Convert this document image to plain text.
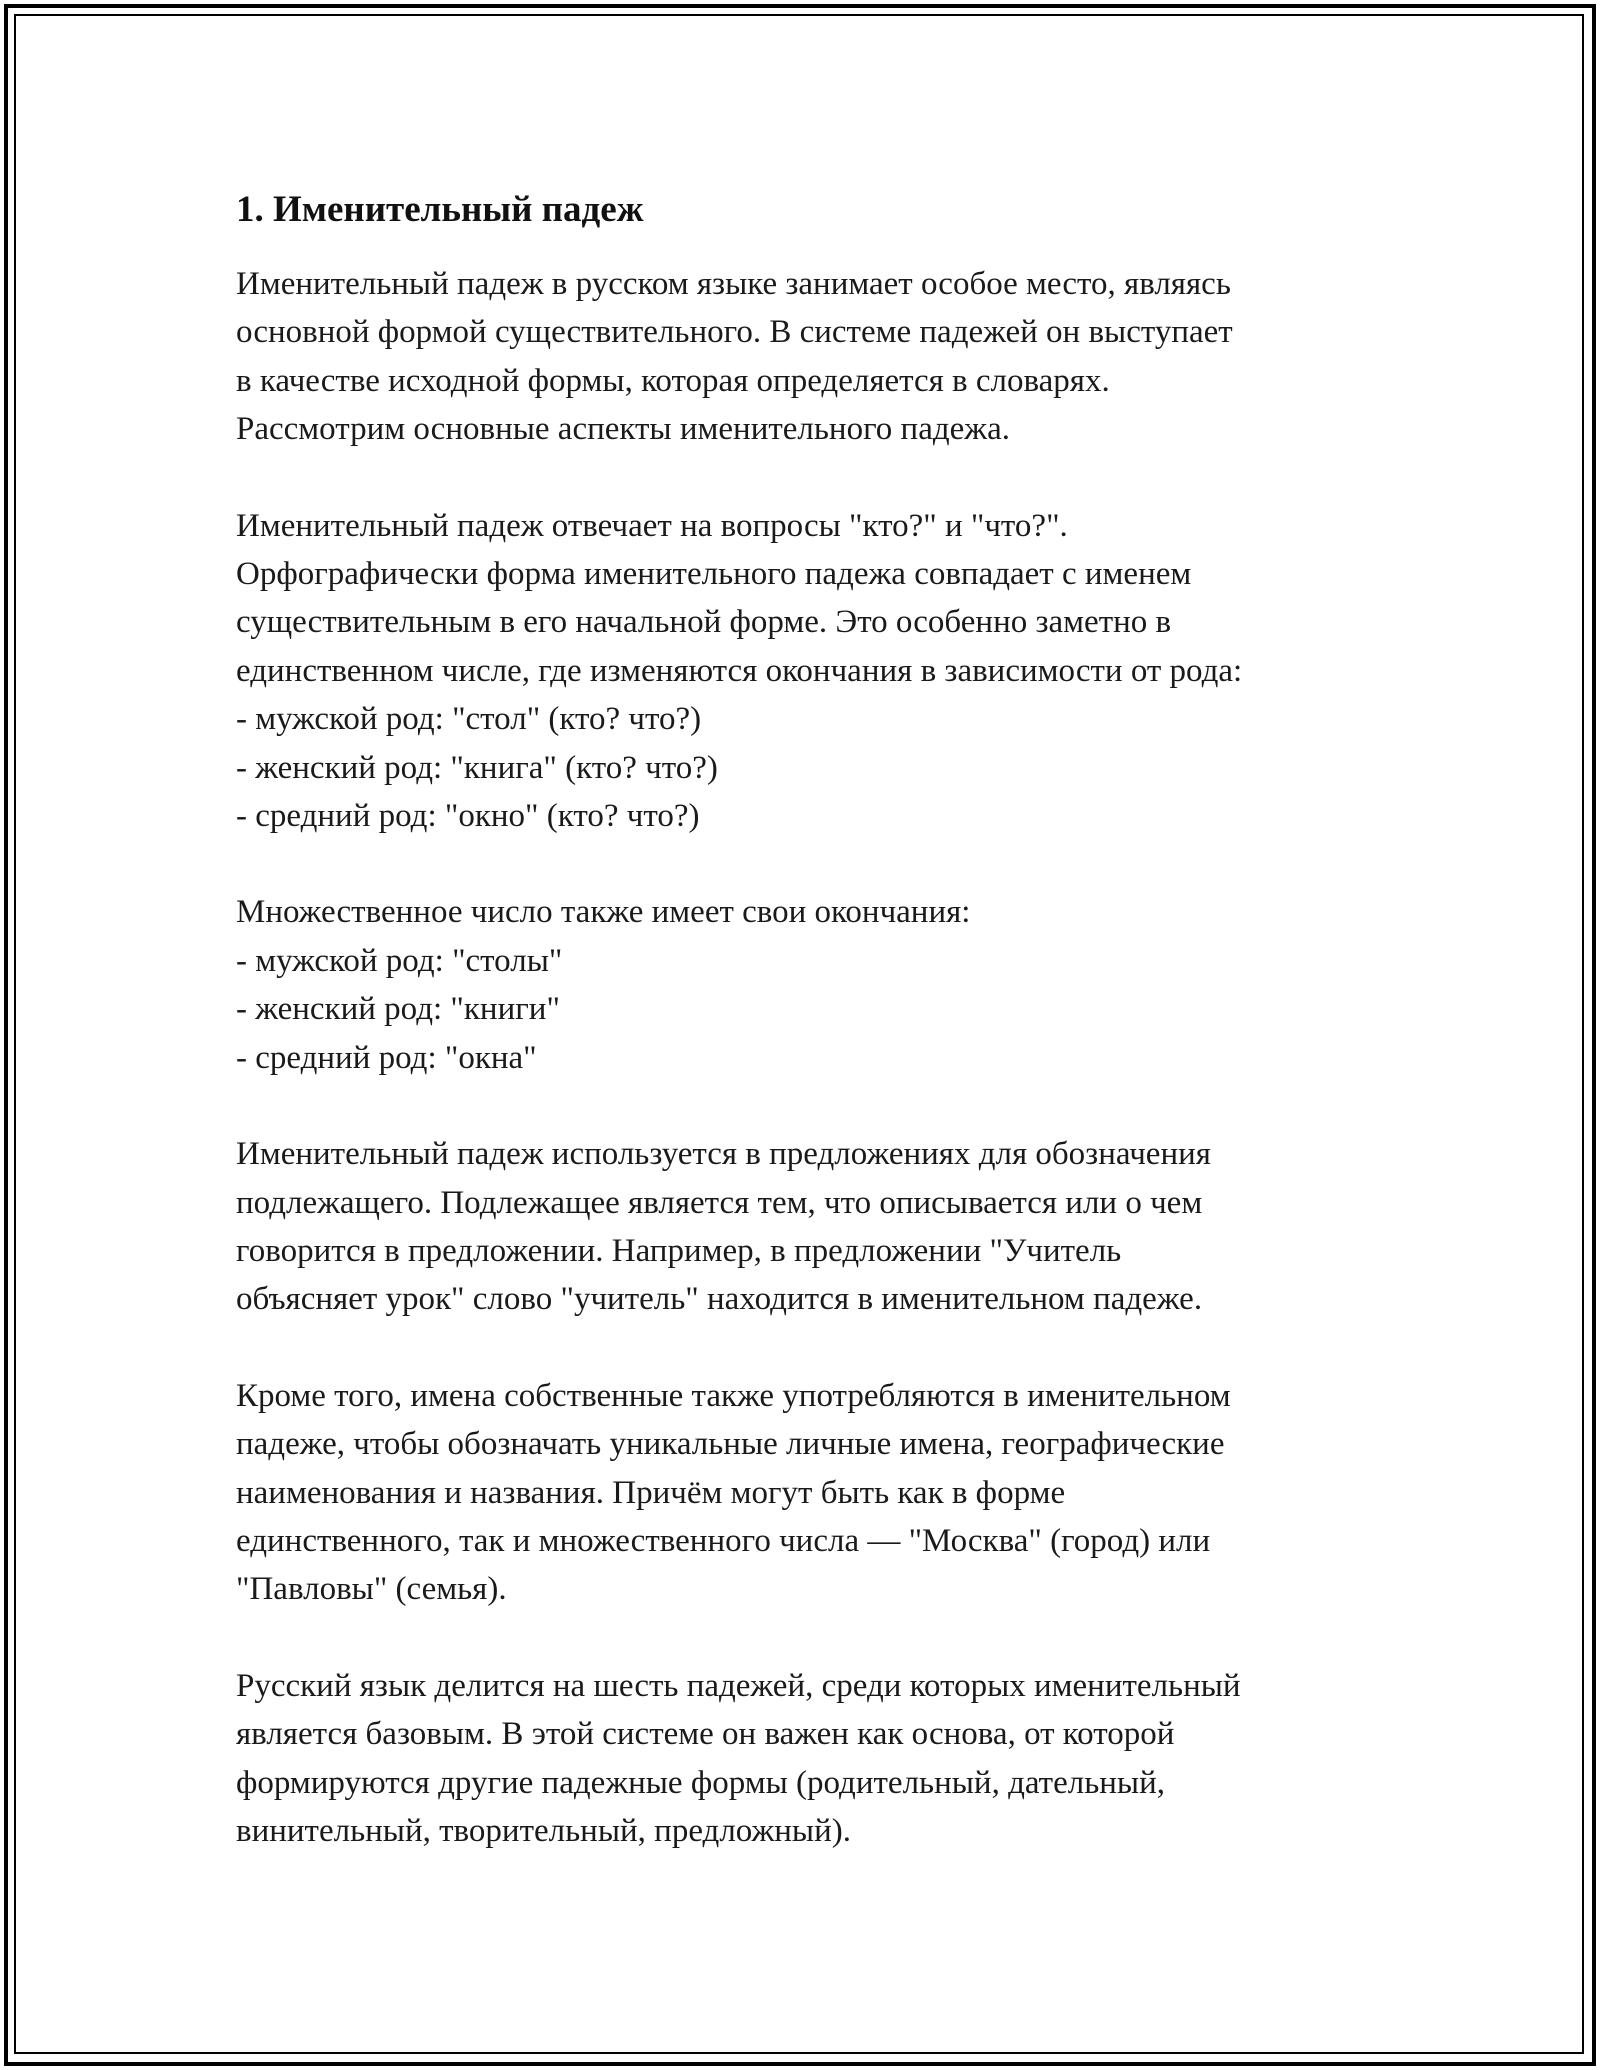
1. Именительный падеж
Именительный падеж в русском языке занимает особое место, являясь
основной формой существительного. В системе падежей он выступает
в качестве исходной формы, которая определяется в словарях.
Рассмотрим основные аспекты именительного падежа.
Именительный падеж отвечает на вопросы "кто?" и "что?".
Орфографически форма именительного падежа совпадает с именем
существительным в его начальной форме. Это особенно заметно в
единственном числе, где изменяются окончания в зависимости от рода:
- мужской род: "стол" (кто? что?)
- женский род: "книга" (кто? что?)
- средний род: "окно" (кто? что?)
Множественное число также имеет свои окончания:
- мужской род: "столы"
- женский род: "книги"
- средний род: "окна"
Именительный падеж используется в предложениях для обозначения
подлежащего. Подлежащее является тем, что описывается или о чем
говорится в предложении. Например, в предложении "Учитель
объясняет урок" слово "учитель" находится в именительном падеже.
Кроме того, имена собственные также употребляются в именительном
падеже, чтобы обозначать уникальные личные имена, географические
наименования и названия. Причём могут быть как в форме
единственного, так и множественного числа — "Москва" (город) или
"Павловы" (семья).
Русский язык делится на шесть падежей, среди которых именительный
является базовым. В этой системе он важен как основа, от которой
формируются другие падежные формы (родительный, дательный,
винительный, творительный, предложный).
